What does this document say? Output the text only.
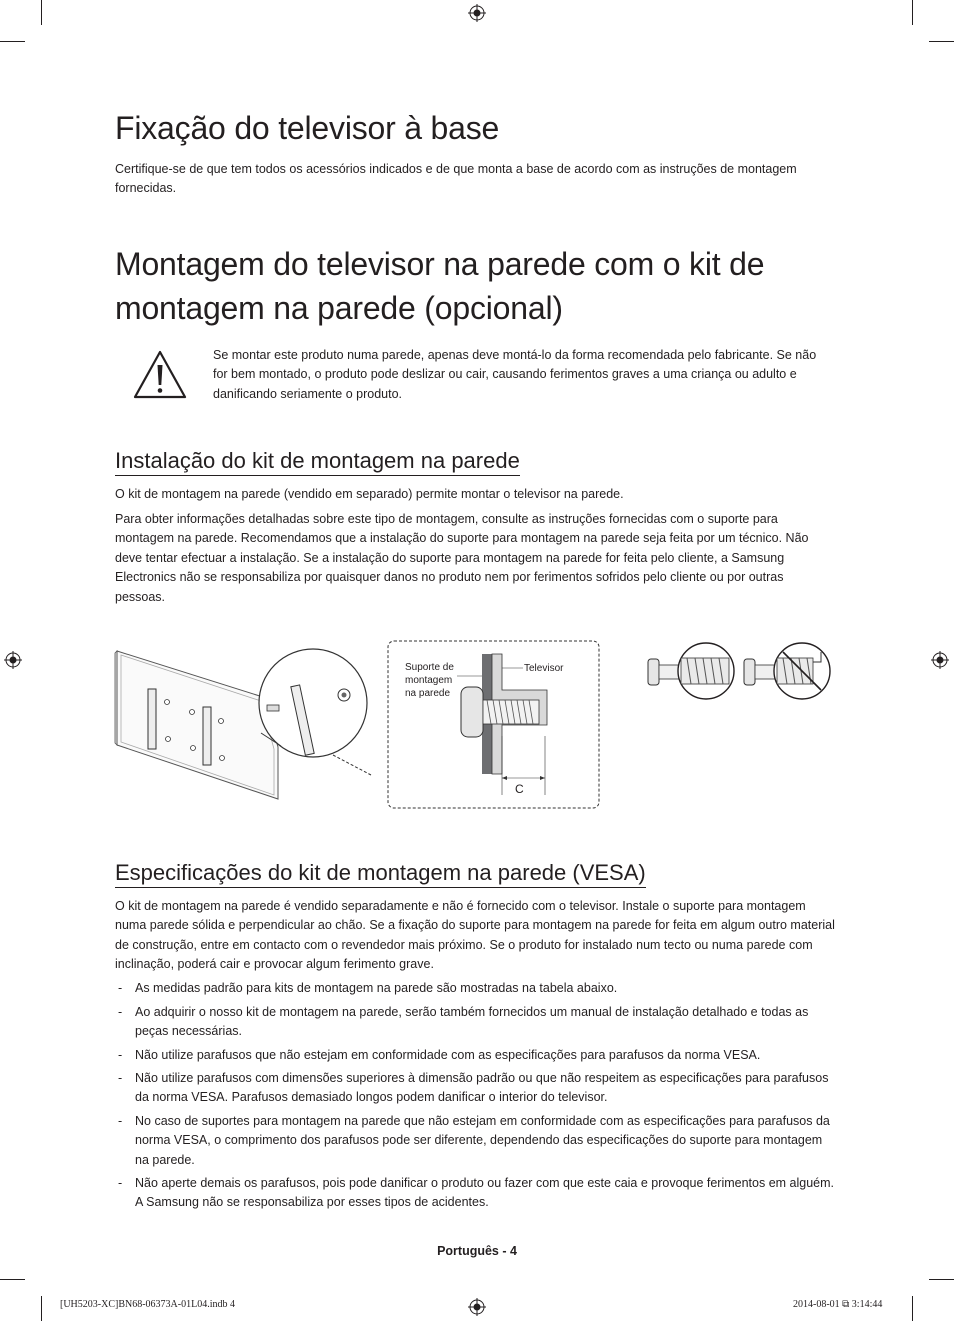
Fixação do televisor à base

Certifique-se de que tem todos os acessórios indicados e de que monta a base de acordo com as instruções de montagem fornecidas.

Montagem do televisor na parede com o kit de
montagem na parede (opcional)

Se montar este produto numa parede, apenas deve montá-lo da forma recomendada pelo fabricante. Se não for bem montado, o produto pode deslizar ou cair, causando ferimentos graves a uma criança ou adulto e danificando seriamente o produto.

Instalação do kit de montagem na parede

O kit de montagem na parede (vendido em separado) permite montar o televisor na parede.

Para obter informações detalhadas sobre este tipo de montagem, consulte as instruções fornecidas com o suporte para montagem na parede. Recomendamos que a instalação do suporte para montagem na parede seja feita por um técnico. Não deve tentar efectuar a instalação. Se a instalação do suporte para montagem na parede for feita pelo cliente, a Samsung Electronics não se responsabiliza por quaisquer danos no produto nem por ferimentos sofridos pelo cliente ou por outras pessoas.

Suporte de
montagem
na parede
Televisor
C
Especificações do kit de montagem na parede (VESA)

O kit de montagem na parede é vendido separadamente e não é fornecido com o televisor. Instale o suporte para montagem numa parede sólida e perpendicular ao chão. Se a fixação do suporte para montagem na parede for feita em algum outro material de construção, entre em contacto com o revendedor mais próximo. Se o produto for instalado num tecto ou numa parede com inclinação, poderá cair e provocar algum ferimento grave.

- As medidas padrão para kits de montagem na parede são mostradas na tabela abaixo.
- Ao adquirir o nosso kit de montagem na parede, serão também fornecidos um manual de instalação detalhado e todas as peças necessárias.
- Não utilize parafusos que não estejam em conformidade com as especificações para parafusos da norma VESA.
- Não utilize parafusos com dimensões superiores à dimensão padrão ou que não respeitem as especificações para parafusos da norma VESA. Parafusos demasiado longos podem danificar o interior do televisor.
- No caso de suportes para montagem na parede que não estejam em conformidade com as especificações para parafusos da norma VESA, o comprimento dos parafusos pode ser diferente, dependendo das especificações do suporte para montagem na parede.
- Não aperte demais os parafusos, pois pode danificar o produto ou fazer com que este caia e provoque ferimentos em alguém. A Samsung não se responsabiliza por esses tipos de acidentes.
Português - 4
[UH5203-XC]BN68-06373A-01L04.indb 4	2014-08-01 ⧉ 3:14:44
